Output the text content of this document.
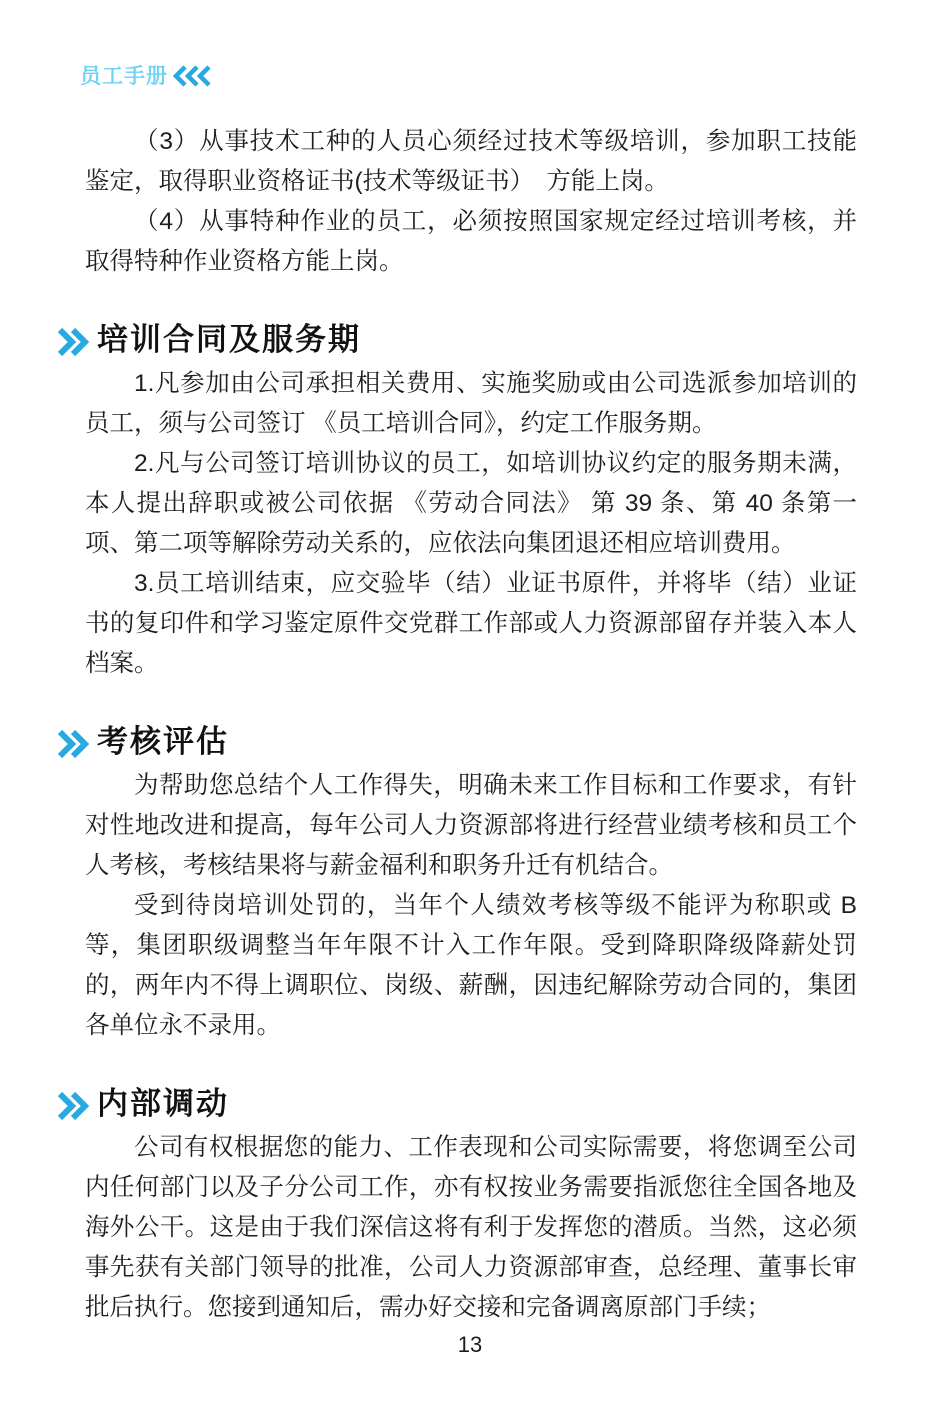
员工手册

（3）从事技术工种的人员心须经过技术等级培训，参加职工技能鉴定，取得职业资格证书(技术等级证书）　方能上岗。

（4）从事特种作业的员工，必须按照国家规定经过培训考核，并取得特种作业资格方能上岗。

培训合同及服务期

1.凡参加由公司承担相关费用、实施奖励或由公司选派参加培训的员工，须与公司签订 《员工培训合同》，约定工作服务期。

2.凡与公司签订培训协议的员工，如培训协议约定的服务期未满，本人提出辞职或被公司依据 《劳动合同法》 第 39 条、第 40 条第一项、第二项等解除劳动关系的，应依法向集团退还相应培训费用。

3.员工培训结束，应交验毕（结）业证书原件，并将毕（结）业证书的复印件和学习鉴定原件交党群工作部或人力资源部留存并装入本人档案。

考核评估

为帮助您总结个人工作得失，明确未来工作目标和工作要求，有针对性地改进和提高，每年公司人力资源部将进行经营业绩考核和员工个人考核，考核结果将与薪金福利和职务升迁有机结合。

受到待岗培训处罚的，当年个人绩效考核等级不能评为称职或 B 等，集团职级调整当年年限不计入工作年限。受到降职降级降薪处罚的，两年内不得上调职位、岗级、薪酬，因违纪解除劳动合同的，集团各单位永不录用。

内部调动

公司有权根据您的能力、工作表现和公司实际需要，将您调至公司内任何部门以及子分公司工作，亦有权按业务需要指派您往全国各地及海外公干。这是由于我们深信这将有利于发挥您的潜质。当然，这必须事先获有关部门领导的批准，公司人力资源部审查，总经理、董事长审批后执行。您接到通知后，需办好交接和完备调离原部门手续；

13
